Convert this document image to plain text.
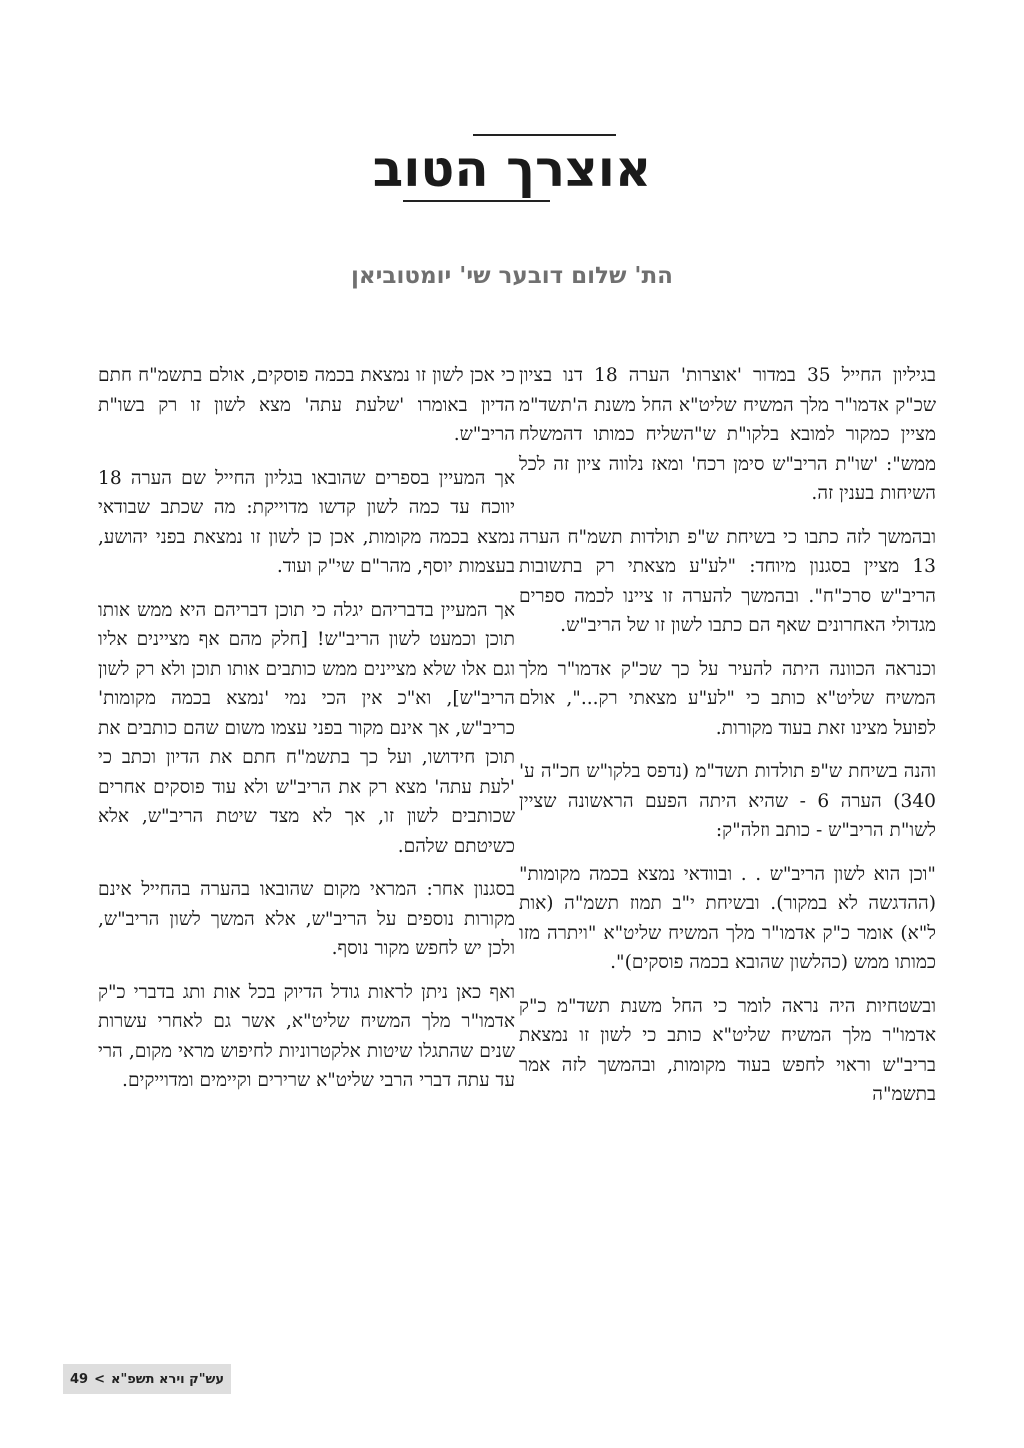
אוצרך הטוב
הת' שלום דובער שי' יומטוביאן

בגיליון החייל 35 במדור 'אוצרות' הערה 18 דנו בציון שכ"ק אדמו"ר מלך המשיח שליט"א החל משנת ה'תשד"מ מציין כמקור למובא בלקו"ת ש"השליח כמותו דהמשלח ממש": 'שו"ת הריב"ש סימן רכח' ומאז נלווה ציון זה לכל השיחות בענין זה.

ובהמשך לזה כתבו כי בשיחת ש"פ תולדות תשמ"ח הערה 13 מציין בסגנון מיוחד: "לע"ע מצאתי רק בתשובות הריב"ש סרכ"ח". ובהמשך להערה זו ציינו לכמה ספרים מגדולי האחרונים שאף הם כתבו לשון זו של הריב"ש.

וכנראה הכוונה היתה להעיר על כך שכ"ק אדמו"ר מלך המשיח שליט"א כותב כי "לע"ע מצאתי רק...", אולם לפועל מצינו זאת בעוד מקורות.

והנה בשיחת ש"פ תולדות תשד"מ (נדפס בלקו"ש חכ"ה ע' 340) הערה 6 - שהיא היתה הפעם הראשונה שציין לשו"ת הריב"ש - כותב וזלה"ק:

"וכן הוא לשון הריב"ש . . ובוודאי נמצא בכמה מקומות" (ההדגשה לא במקור). ובשיחת י"ב תמוז תשמ"ה (אות ל"א) אומר כ"ק אדמו"ר מלך המשיח שליט"א "ויתרה מזו כמותו ממש (כהלשון שהובא בכמה פוסקים)".

ובשטחיות היה נראה לומר כי החל משנת תשד"מ כ"ק אדמו"ר מלך המשיח שליט"א כותב כי לשון זו נמצאת בריב"ש וראוי לחפש בעוד מקומות, ובהמשך לזה אמר בתשמ"ה

כי אכן לשון זו נמצאת בכמה פוסקים, אולם בתשמ"ח חתם הדיון באומרו 'שלעת עתה' מצא לשון זו רק בשו"ת הריב"ש.

אך המעיין בספרים שהובאו בגליון החייל שם הערה 18 יווכח עד כמה לשון קדשו מדוייקת: מה שכתב שבודאי נמצא בכמה מקומות, אכן כן לשון זו נמצאת בפני יהושע, בעצמות יוסף, מהר"ם שי"ק ועוד.

אך המעיין בדבריהם יגלה כי תוכן דבריהם היא ממש אותו תוכן וכמעט לשון הריב"ש! [חלק מהם אף מציינים אליו וגם אלו שלא מציינים ממש כותבים אותו תוכן ולא רק לשון הריב"ש], וא"כ אין הכי נמי 'נמצא בכמה מקומות' כריב"ש, אך אינם מקור בפני עצמו משום שהם כותבים את תוכן חידושו, ועל כך בתשמ"ח חתם את הדיון וכתב כי 'לעת עתה' מצא רק את הריב"ש ולא עוד פוסקים אחרים שכותבים לשון זו, אך לא מצד שיטת הריב"ש, אלא כשיטתם שלהם.

בסגנון אחר: המראי מקום שהובאו בהערה בהחייל אינם מקורות נוספים על הריב"ש, אלא המשך לשון הריב"ש, ולכן יש לחפש מקור נוסף.

ואף כאן ניתן לראות גודל הדיוק בכל אות ותג בדברי כ"ק אדמו"ר מלך המשיח שליט"א, אשר גם לאחרי עשרות שנים שהתגלו שיטות אלקטרוניות לחיפוש מראי מקום, הרי עד עתה דברי הרבי שליט"א שרירים וקיימים ומדוייקים.

עש"ק וירא תשפ"א
>
49
